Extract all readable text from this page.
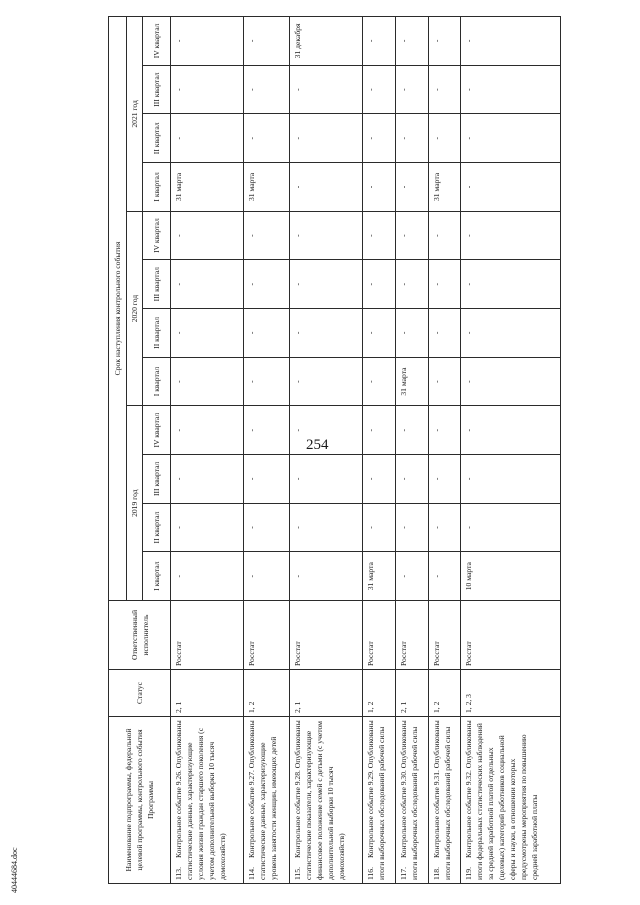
254
40444684.doc	Наименование подпрограммы, федеральной целевой программы, контрольного события Программы	Статус	Ответственный исполнитель	Срок наступления контрольного события											
			2019 год				2020 год				2021 год			
			I квартал	II квартал	III квартал	IV квартал	I квартал	II квартал	III квартал	IV квартал	I квартал	II квартал	III квартал	IV квартал
113.Контрольное событие 9.26. Опубликованы статистические данные, характеризующие условия жизни граждан старшего поколения (с учетом дополнительной выборки 10 тысяч домохозяйств)	2, 1	Росстат	-	-	-	-	-	-	-	-	31 марта	-	-	-
114.Контрольное событие 9.27. Опубликованы статистические данные, характеризующие уровень занятости женщин, имеющих детей	1, 2	Росстат	-	-	-	-	-	-	-	-	31 марта	-	-	-
115.Контрольное событие 9.28. Опубликованы статистические показатели, характеризующие финансовое положение семей с детьми (с учетом дополнительной выборки 10 тысяч домохозяйств)	2, 1	Росстат	-	-	-	-	-	-	-	-	-	-	-	31 декабря
116.Контрольное событие 9.29. Опубликованы итоги выборочных обследований рабочей силы	1, 2	Росстат	31 марта	-	-	-	-	-	-	-	-	-	-	-
117.Контрольное событие 9.30. Опубликованы итоги выборочных обследований рабочей силы	2, 1	Росстат	-	-	-	-	31 марта	-	-	-	-	-	-	-
118.Контрольное событие 9.31. Опубликованы итоги выборочных обследований рабочей силы	1, 2	Росстат	-	-	-	-	-	-	-	-	31 марта	-	-	-
119.Контрольное событие 9.32. Опубликованы итоги федеральных статистических наблюдений за средней заработной платой отдельных (целевых) категорий работников социальной сферы и науки, в отношении которых предусмотрены мероприятия по повышению средней заработной платы	1, 2, 3	Росстат	10 марта	-	-	-	-	-	-	-	-	-	-	-
